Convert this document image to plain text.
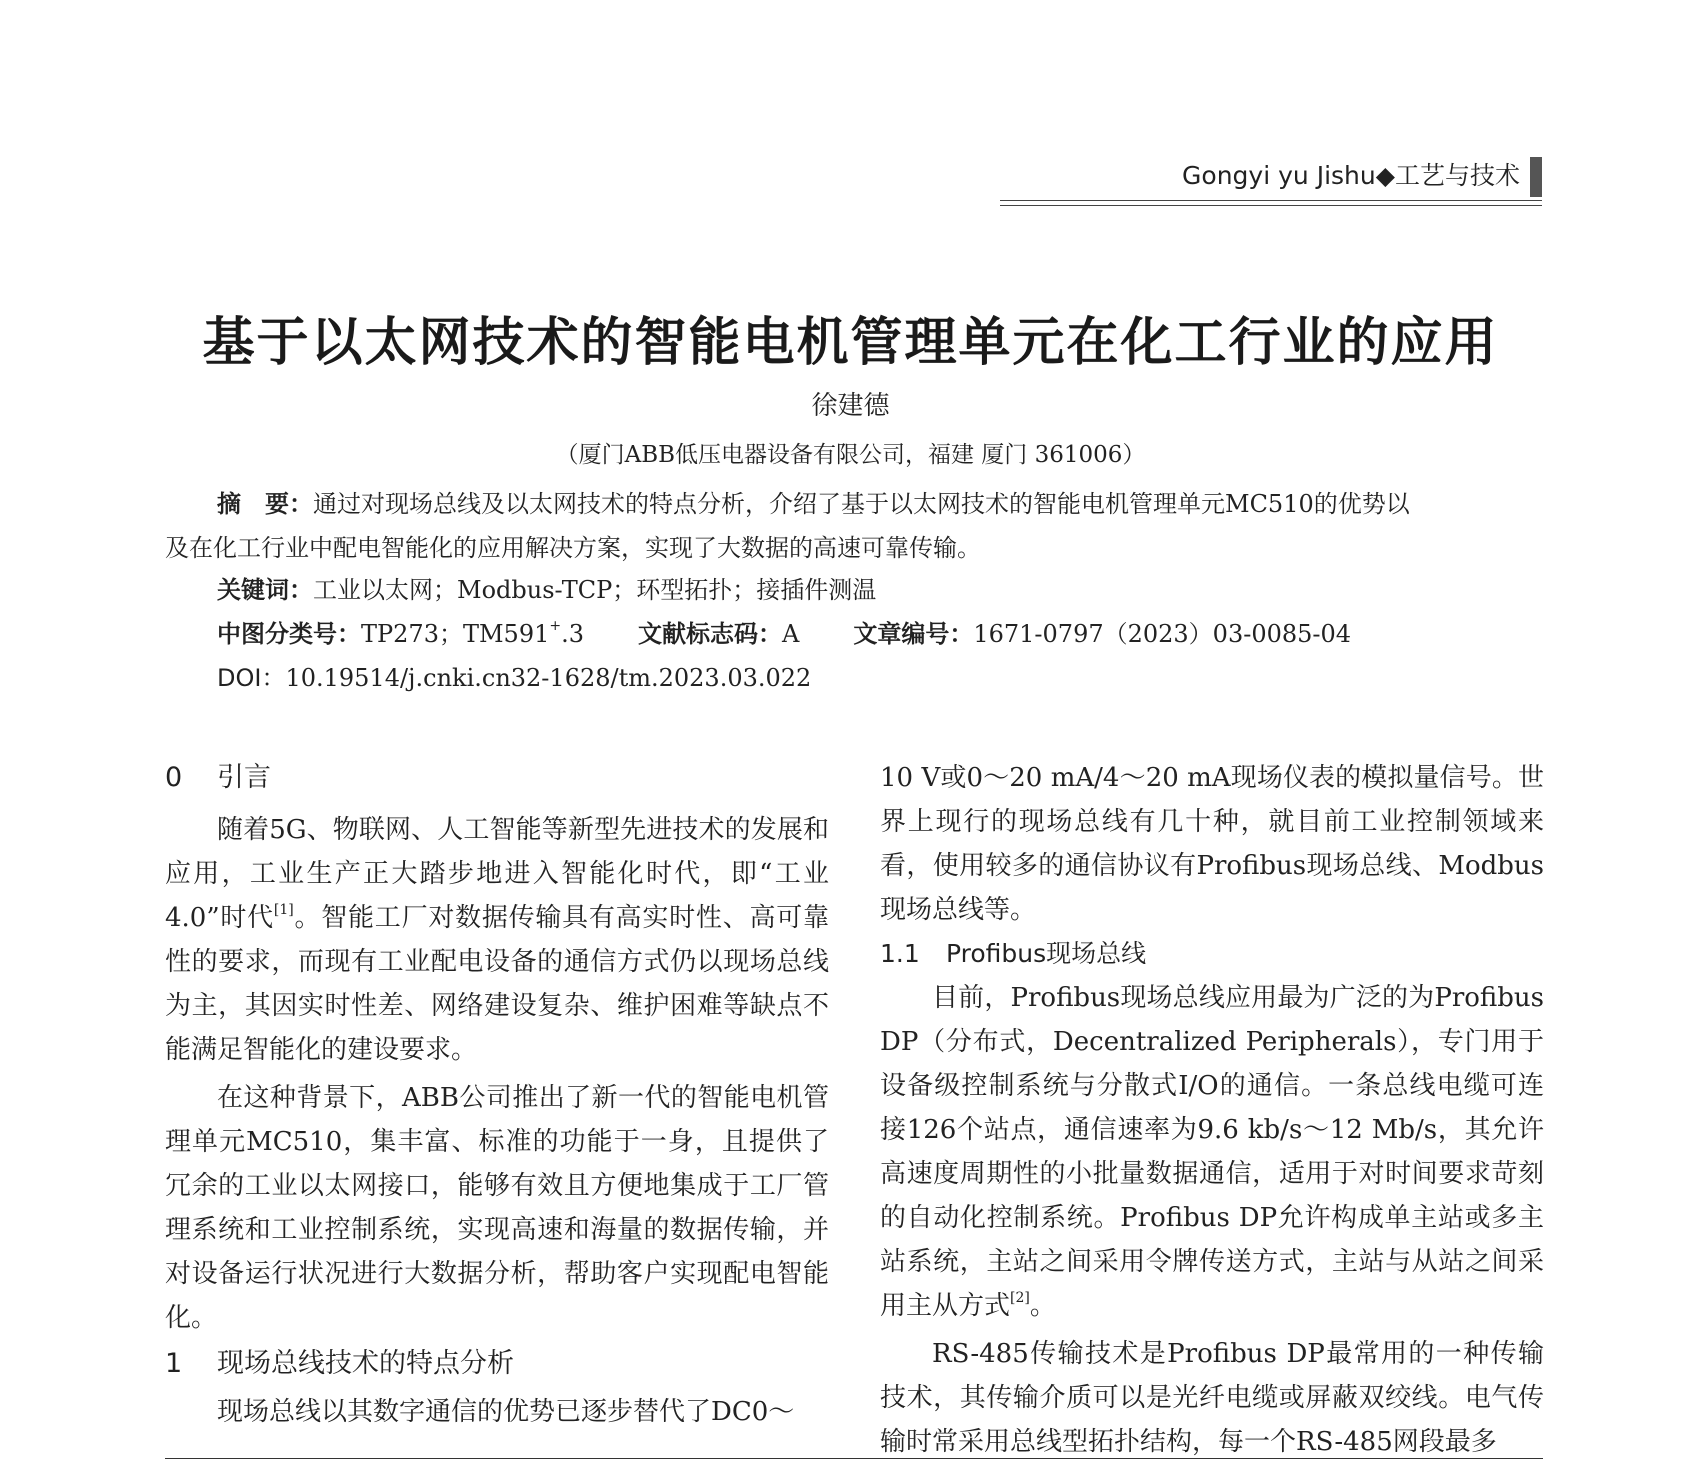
Gongyi yu Jishu◆工艺与技术
基于以太网技术的智能电机管理单元在化工行业的应用
徐建德
（厦门ABB低压电器设备有限公司，福建 厦门 361006）
摘　要：通过对现场总线及以太网技术的特点分析，介绍了基于以太网技术的智能电机管理单元MC510的优势以
及在化工行业中配电智能化的应用解决方案，实现了大数据的高速可靠传输。
关键词：工业以太网；Modbus-TCP；环型拓扑；接插件测温
中图分类号：TP273；TM591+.3 文献标志码：A 文章编号：1671-0797（2023）03-0085-04
DOI：10.19514/j.cnki.cn32-1628/tm.2023.03.022
0 引言

随着5G、物联网、人工智能等新型先进技术的发展和应用，工业生产正大踏步地进入智能化时代，即“工业4.0”时代[1]。智能工厂对数据传输具有高实时性、高可靠性的要求，而现有工业配电设备的通信方式仍以现场总线为主，其因实时性差、网络建设复杂、维护困难等缺点不能满足智能化的建设要求。

在这种背景下，ABB公司推出了新一代的智能电机管理单元MC510，集丰富、标准的功能于一身，且提供了冗余的工业以太网接口，能够有效且方便地集成于工厂管理系统和工业控制系统，实现高速和海量的数据传输，并对设备运行状况进行大数据分析，帮助客户实现配电智能化。

1 现场总线技术的特点分析

现场总线以其数字通信的优势已逐步替代了DC0～

10 V或0～20 mA/4～20 mA现场仪表的模拟量信号。世界上现行的现场总线有几十种，就目前工业控制领域来看，使用较多的通信协议有Profibus现场总线、Modbus现场总线等。

1.1 Profibus现场总线

目前，Profibus现场总线应用最为广泛的为Profibus DP（分布式，Decentralized Peripherals），专门用于设备级控制系统与分散式I/O的通信。一条总线电缆可连接126个站点，通信速率为9.6 kb/s～12 Mb/s，其允许高速度周期性的小批量数据通信，适用于对时间要求苛刻的自动化控制系统。Profibus DP允许构成单主站或多主站系统，主站之间采用令牌传送方式，主站与从站之间采用主从方式[2]。

RS-485传输技术是Profibus DP最常用的一种传输技术，其传输介质可以是光纤电缆或屏蔽双绞线。电气传输时常采用总线型拓扑结构，每一个RS-485网段最多
